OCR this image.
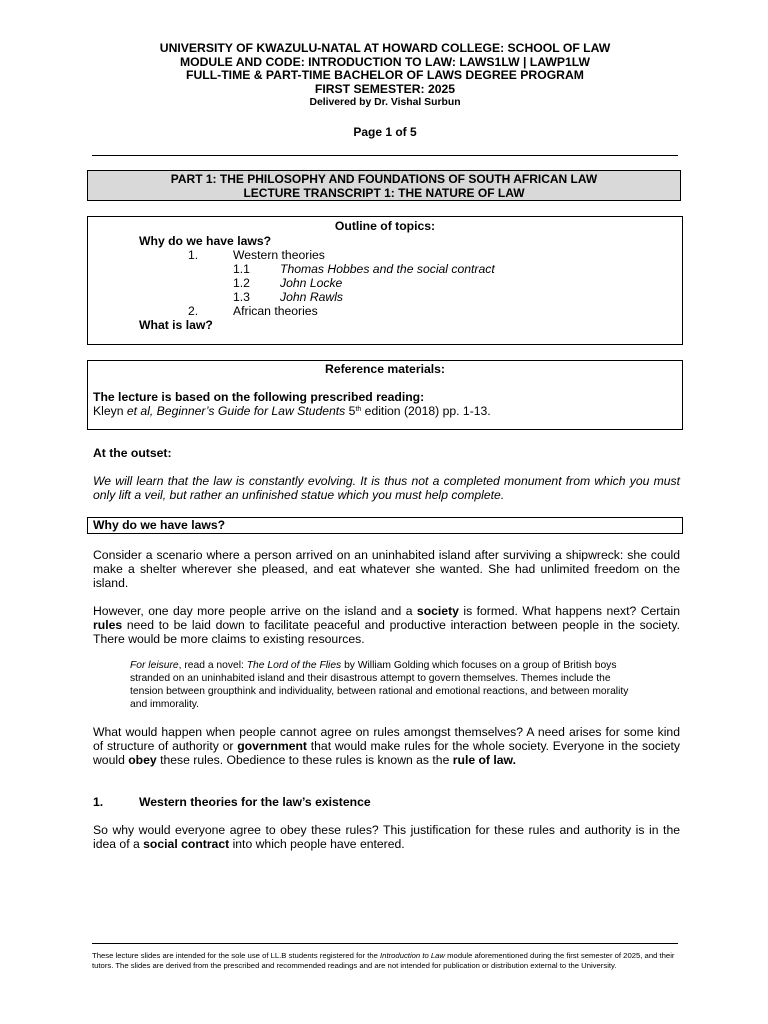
UNIVERSITY OF KWAZULU-NATAL AT HOWARD COLLEGE: SCHOOL OF LAW
MODULE AND CODE: INTRODUCTION TO LAW: LAWS1LW | LAWP1LW
FULL-TIME & PART-TIME BACHELOR OF LAWS DEGREE PROGRAM
FIRST SEMESTER: 2025
Delivered by Dr. Vishal Surbun
Page 1 of 5
PART 1: THE PHILOSOPHY AND FOUNDATIONS OF SOUTH AFRICAN LAW
LECTURE TRANSCRIPT 1: THE NATURE OF LAW
Outline of topics:
Why do we have laws?
1.	Western theories
1.1 Thomas Hobbes and the social contract
1.2 John Locke
1.3 John Rawls
2.	African theories
What is law?
Reference materials:
The lecture is based on the following prescribed reading:
Kleyn et al, Beginner’s Guide for Law Students 5th edition (2018) pp. 1-13.
At the outset:
We will learn that the law is constantly evolving. It is thus not a completed monument from which you must only lift a veil, but rather an unfinished statue which you must help complete.
Why do we have laws?
Consider a scenario where a person arrived on an uninhabited island after surviving a shipwreck: she could make a shelter wherever she pleased, and eat whatever she wanted. She had unlimited freedom on the island.
However, one day more people arrive on the island and a society is formed. What happens next? Certain rules need to be laid down to facilitate peaceful and productive interaction between people in the society. There would be more claims to existing resources.
For leisure, read a novel: The Lord of the Flies by William Golding which focuses on a group of British boys stranded on an uninhabited island and their disastrous attempt to govern themselves. Themes include the tension between groupthink and individuality, between rational and emotional reactions, and between morality and immorality.
What would happen when people cannot agree on rules amongst themselves? A need arises for some kind of structure of authority or government that would make rules for the whole society. Everyone in the society would obey these rules. Obedience to these rules is known as the rule of law.
1.	Western theories for the law’s existence
So why would everyone agree to obey these rules? This justification for these rules and authority is in the idea of a social contract into which people have entered.
These lecture slides are intended for the sole use of LL.B students registered for the Introduction to Law module aforementioned during the first semester of 2025, and their tutors. The slides are derived from the prescribed and recommended readings and are not intended for publication or distribution external to the University.
